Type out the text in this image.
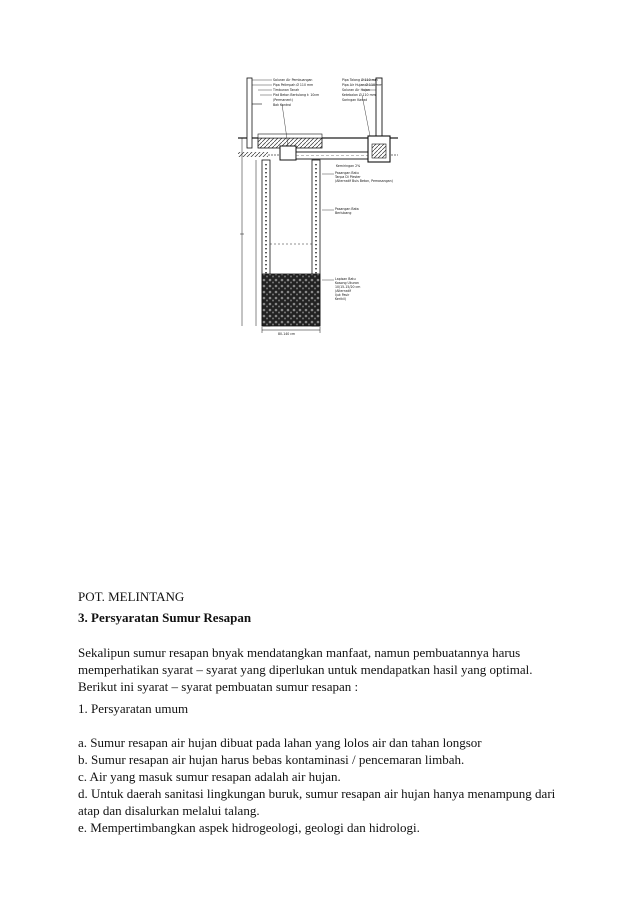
80-140 cm
Saluran Air Pembuangan
Pipa Pelimpah Ø 110 mm
Timbunan Tanah
Plat Beton Bertulang t: 10cm
(Permanent)
Bak Kontrol
Pipa Talang Ø 110 mm
Pipa Air Hujan Ø 110 mm
Saluran Air Hujan
Ketebalan Ø 110 mm
Saringan Kawat
Kemiringan 2%
Pasangan Batu
Tanpa Di Plester
(Alternatif Buis Beton, Pemasangan)
Pasangan Bata
Berlubang
Lapisan Batu
Kosong Ukuran
10/15-15/20 cm
(Alternatif
Ijuk Pasir
Kerikil)
POT. MELINTANG
3. Persyaratan Sumur Resapan
Sekalipun sumur resapan bnyak mendatangkan manfaat, namun pembuatannya harus
memperhatikan syarat – syarat yang diperlukan untuk mendapatkan hasil yang optimal.
Berikut ini syarat – syarat pembuatan sumur resapan :
1. Persyaratan umum
a. Sumur resapan air hujan dibuat pada lahan yang lolos air dan tahan longsor
b. Sumur resapan air hujan harus bebas kontaminasi / pencemaran limbah.
c. Air yang masuk sumur resapan adalah air hujan.
d. Untuk daerah sanitasi lingkungan buruk, sumur resapan air hujan hanya menampung dari
atap dan disalurkan melalui talang.
e. Mempertimbangkan aspek hidrogeologi, geologi dan hidrologi.
